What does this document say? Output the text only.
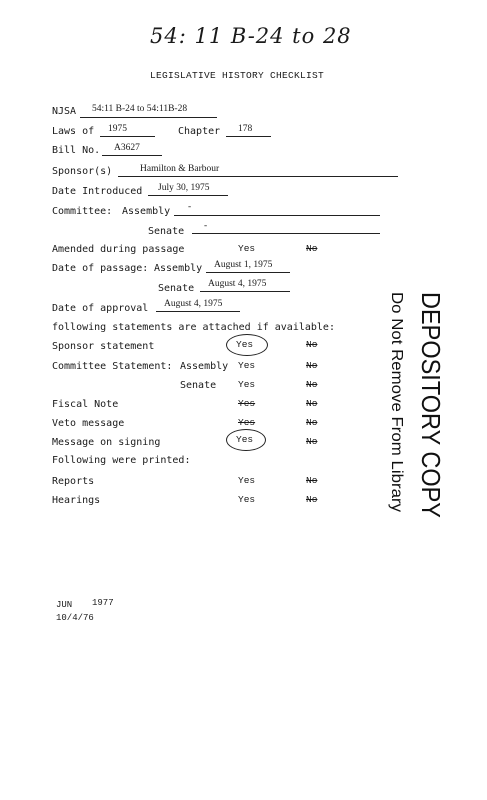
54: 11 B-24 to 28
LEGISLATIVE HISTORY CHECKLIST
NJSA 54:11 B-24 to 54:11B-28
Laws of 1975	Chapter 178
Bill No. A3627
Sponsor(s)	Hamilton & Barbour
Date Introduced July 30, 1975
Committee: Assembly -
Senate -
Amended during passage	Yes	No
Date of passage: Assembly August 1, 1975
Senate August 4, 1975
Date of approval August 4, 1975
following statements are attached if available:
Sponsor statement	Yes	No
Committee Statement: Assembly Yes	No
Senate Yes	No
Fiscal Note	Yes	No
Veto message	Yes	No
Message on signing	Yes	No
Following were printed:
Reports	Yes	No
Hearings	Yes	No	DEPOSITORY COPY
Do Not Remove From Library
JUN 1977
10/4/76
